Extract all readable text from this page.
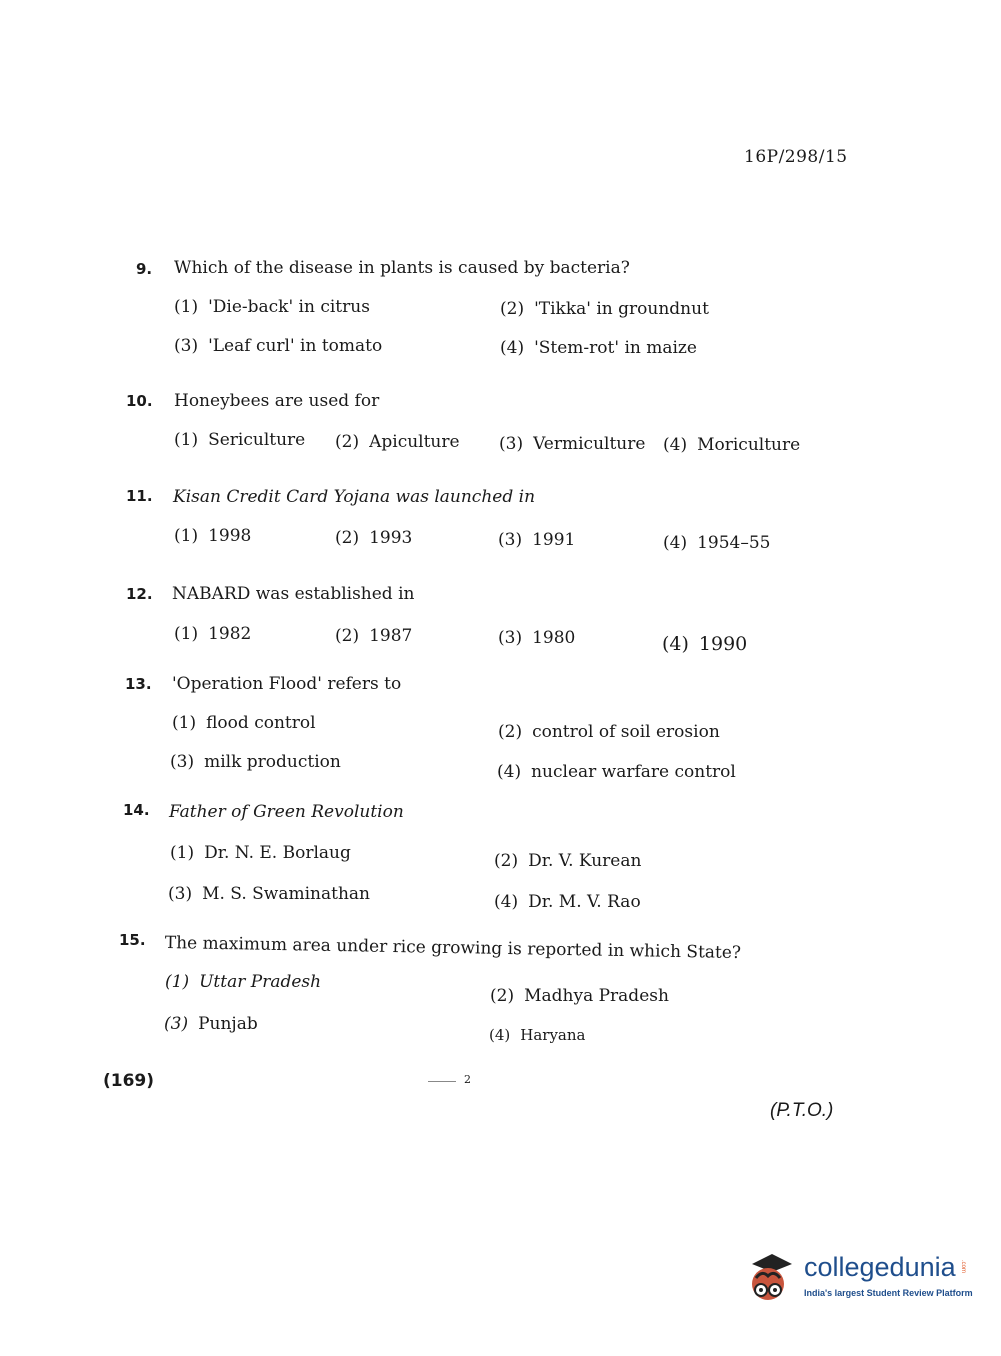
16P/298/15
9. Which of the disease in plants is caused by bacteria?
(1) 'Die-back' in citrus	(2) 'Tikka' in groundnut
(3) 'Leaf curl' in tomato	(4) 'Stem-rot' in maize
10. Honeybees are used for
(1) Sericulture (2) Apiculture (3) Vermiculture (4) Moriculture
11. Kisan Credit Card Yojana was launched in
(1) 1998	(2) 1993	(3) 1991	(4) 1954–55
12. NABARD was established in
(1) 1982	(2) 1987	(3) 1980	(4) 1990
13. 'Operation Flood' refers to
(1) flood control	(2) control of soil erosion
(3) milk production	(4) nuclear warfare control
14. Father of Green Revolution
(1) Dr. N. E. Borlaug	(2) Dr. V. Kurean
(3) M. S. Swaminathan	(4) Dr. M. V. Rao
15. The maximum area under rice growing is reported in which State?
(1) Uttar Pradesh
(2) Madhya Pradesh
(3) Punjab
(4) Haryana
(169)	2
(P.T.O.)
collegedunia .com
India's largest Student Review Platform
